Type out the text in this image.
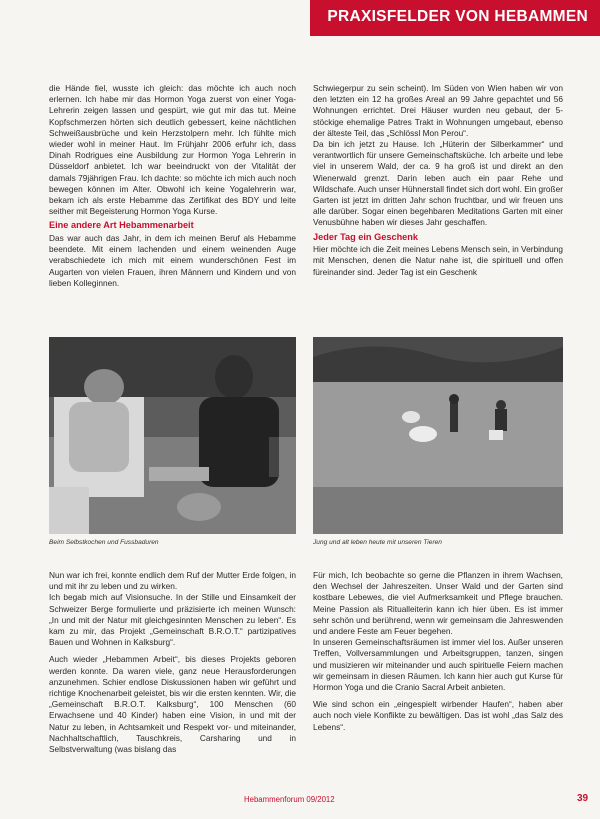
PRAXISFELDER VON HEBAMMEN

die Hände fiel, wusste ich gleich: das möchte ich auch noch erlernen. Ich habe mir das Hormon Yoga zuerst von einer Yoga-Lehrerin zeigen lassen und gespürt, wie gut mir das tut. Meine Kopfschmerzen hörten sich deutlich gebessert, keine nächtlichen Schweißausbrüche und kein Herzstolpern mehr. Ich fühlte mich wieder wohl in meiner Haut. Im Frühjahr 2006 erfuhr ich, dass Dinah Rodrigues eine Ausbildung zur Hormon Yoga Lehrerin in Düsseldorf anbietet. Ich war beeindruckt von der Vitalität der damals 79jährigen Frau. Ich dachte: so möchte ich mich auch noch bewegen können im Alter. Obwohl ich keine Yogalehrerin war, bekam ich als erste Hebamme das Zertifikat des BDY und leite seither mit Begeisterung Hormon Yoga Kurse.

Eine andere Art Hebammenarbeit

Das war auch das Jahr, in dem ich meinen Beruf als Hebamme beendete. Mit einem lachenden und einem weinenden Auge verabschiedete ich mich mit einem wunderschönen Fest im Augarten von vielen Frauen, ihren Männern und Kindern und von lieben Kolleginnen.

Schwiegerpur zu sein scheint). Im Süden von Wien haben wir von den letzten ein 12 ha großes Areal an 99 Jahre gepachtet und 56 Wohnungen errichtet. Drei Häuser wurden neu gebaut, der 5-stöckige ehemalige Patres Trakt in Wohnungen umgebaut, ebenso der älteste Teil, das „Schlössl Mon Perou“.

Da bin ich jetzt zu Hause. Ich „Hüterin der Silberkammer“ und verantwortlich für unsere Gemeinschaftsküche. Ich arbeite und lebe viel in unserem Wald, der ca. 9 ha groß ist und direkt an den Wienerwald grenzt. Darin leben auch ein paar Rehe und Wildschafe. Auch unser Hühnerstall findet sich dort wohl. Ein großer Garten ist jetzt im dritten Jahr schon fruchtbar, und wir freuen uns alle darüber. Sogar einen begehbaren Meditations Garten mit einer Venusbühne haben wir dieses Jahr geschaffen.

Jeder Tag ein Geschenk

Hier möchte ich die Zeit meines Lebens Mensch sein, in Verbindung mit Menschen, denen die Natur nahe ist, die spirituell und offen füreinander sind. Jeder Tag ist ein Geschenk

Beim Selbstkochen und Fussbaduren	Jung und alt leben heute mit unseren Tieren

Nun war ich frei, konnte endlich dem Ruf der Mutter Erde folgen, in und mit ihr zu leben und zu wirken.

Ich begab mich auf Visionsuche. In der Stille und Einsamkeit der Schweizer Berge formulierte und präzisierte ich meinen Wunsch: „In und mit der Natur mit gleichgesinnten Menschen zu leben“. Es kam zu mir, das Projekt „Gemeinschaft B.R.O.T.“ partizipatives Bauen und Wohnen in Kalksburg“.

Auch wieder „Hebammen Arbeit“, bis dieses Projekts geboren werden konnte. Da waren viele, ganz neue Herausforderungen anzunehmen. Schier endlose Diskussionen haben wir geführt und richtige Knochenarbeit geleistet, bis wir die ersten kennten. Wir, die „Gemeinschaft B.R.O.T. Kalksburg“, 100 Menschen (60 Erwachsene und 40 Kinder) haben eine Vision, in und mit der Natur zu leben, in Achtsamkeit und Respekt vor- und miteinander, Nachhaltschaftlich, Tauschkreis, Carsharing und in Selbstverwaltung (was bislang das

Für mich, Ich beobachte so gerne die Pflanzen in ihrem Wachsen, den Wechsel der Jahreszeiten. Unser Wald und der Garten sind kostbare Lebewes, die viel Aufmerksamkeit und Pflege brauchen. Meine Passion als Ritualleiterin kann ich hier üben. Es ist immer sehr schön und berührend, wenn wir gemeinsam die Jahreswenden und andere Feste am Feuer begehen.

In unseren Gemeinschaftsräumen ist immer viel los. Außer unseren Treffen, Vollversammlungen und Arbeitsgruppen, tanzen, singen und musizieren wir miteinander und auch spirituelle Feiern machen wir gemeinsam in diesen Räumen. Ich kann hier auch gut Kurse für Hormon Yoga und die Cranio Sacral Arbeit anbieten.

Wie sind schon ein „eingespielt wirbender Haufen“, haben aber auch noch viele Konflikte zu bewältigen. Das ist wohl „das Salz des Lebens“.

Hebammenforum 09/2012	39
